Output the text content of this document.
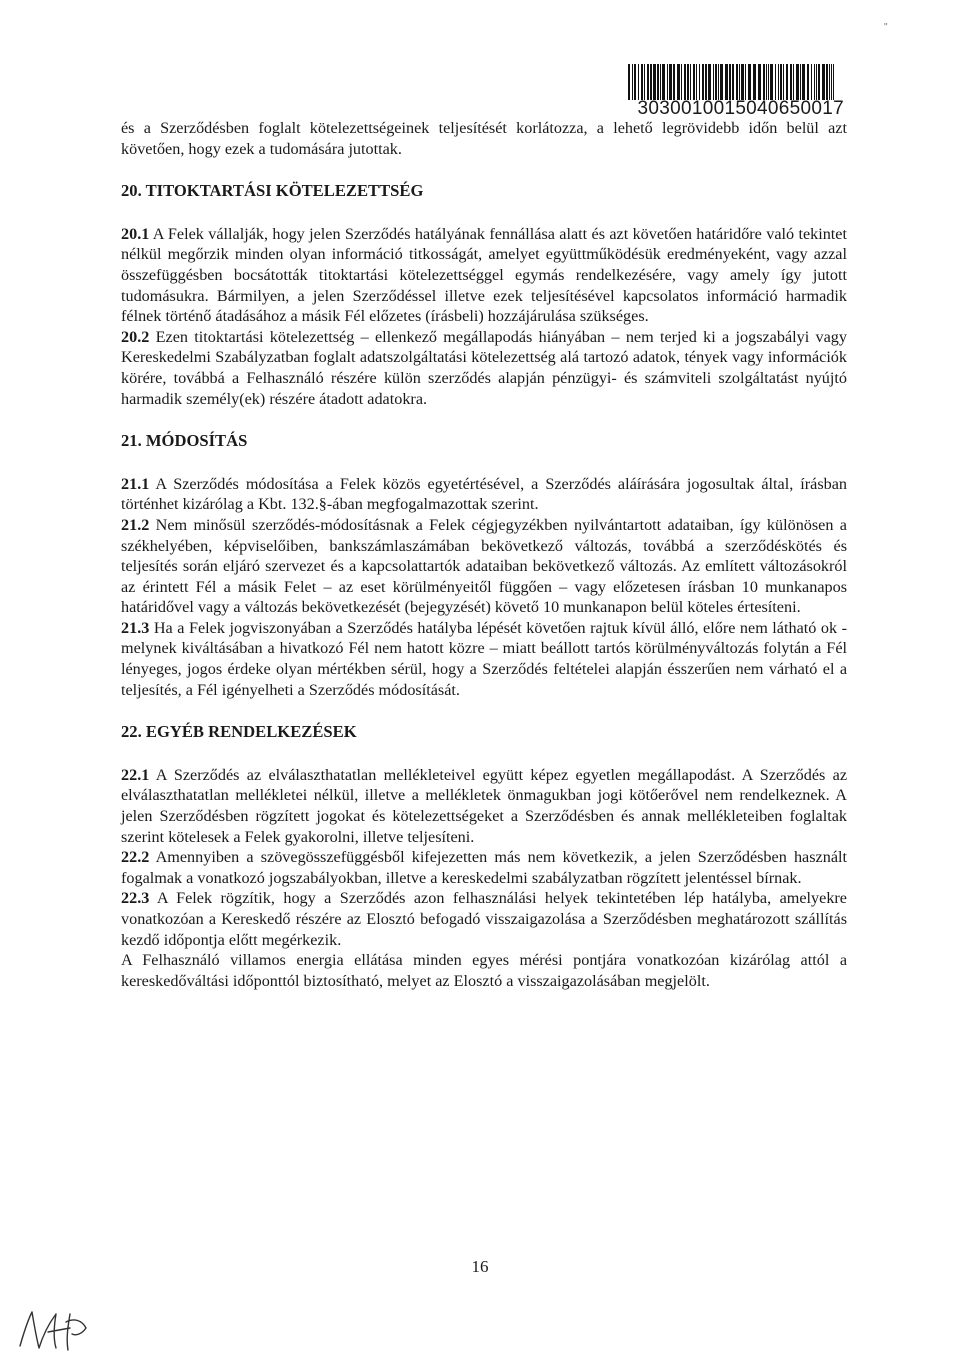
"
3030010015040650017

és a Szerződésben foglalt kötelezettségeinek teljesítését korlátozza, a lehető legrövidebb időn belül azt követően, hogy ezek a tudomására jutottak.

20. TITOKTARTÁSI KÖTELEZETTSÉG

20.1 A Felek vállalják, hogy jelen Szerződés hatályának fennállása alatt és azt követően határidőre való tekintet nélkül megőrzik minden olyan információ titkosságát, amelyet együttműködésük eredményeként, vagy azzal összefüggésben bocsátották titoktartási kötelezettséggel egymás rendelkezésére, vagy amely így jutott tudomásukra. Bármilyen, a jelen Szerződéssel illetve ezek teljesítésével kapcsolatos információ harmadik félnek történő átadásához a másik Fél előzetes (írásbeli) hozzájárulása szükséges.

20.2 Ezen titoktartási kötelezettség – ellenkező megállapodás hiányában – nem terjed ki a jogszabályi vagy Kereskedelmi Szabályzatban foglalt adatszolgáltatási kötelezettség alá tartozó adatok, tények vagy információk körére, továbbá a Felhasználó részére külön szerződés alapján pénzügyi- és számviteli szolgáltatást nyújtó harmadik személy(ek) részére átadott adatokra.

21. MÓDOSÍTÁS

21.1 A Szerződés módosítása a Felek közös egyetértésével, a Szerződés aláírására jogosultak által, írásban történhet kizárólag a Kbt. 132.§-ában megfogalmazottak szerint.

21.2 Nem minősül szerződés-módosításnak a Felek cégjegyzékben nyilvántartott adataiban, így különösen a székhelyében, képviselőiben, bankszámlaszámában bekövetkező változás, továbbá a szerződéskötés és teljesítés során eljáró szervezet és a kapcsolattartók adataiban bekövetkező változás. Az említett változásokról az érintett Fél a másik Felet – az eset körülményeitől függően – vagy előzetesen írásban 10 munkanapos határidővel vagy a változás bekövetkezését (bejegyzését) követő 10 munkanapon belül köteles értesíteni.

21.3 Ha a Felek jogviszonyában a Szerződés hatályba lépését követően rajtuk kívül álló, előre nem látható ok - melynek kiváltásában a hivatkozó Fél nem hatott közre – miatt beállott tartós körülményváltozás folytán a Fél lényeges, jogos érdeke olyan mértékben sérül, hogy a Szerződés feltételei alapján ésszerűen nem várható el a teljesítés, a Fél igényelheti a Szerződés módosítását.

22. EGYÉB RENDELKEZÉSEK

22.1 A Szerződés az elválaszthatatlan mellékleteivel együtt képez egyetlen megállapodást. A Szerződés az elválaszthatatlan mellékletei nélkül, illetve a mellékletek önmagukban jogi kötőerővel nem rendelkeznek. A jelen Szerződésben rögzített jogokat és kötelezettségeket a Szerződésben és annak mellékleteiben foglaltak szerint kötelesek a Felek gyakorolni, illetve teljesíteni.

22.2 Amennyiben a szövegösszefüggésből kifejezetten más nem következik, a jelen Szerződésben használt fogalmak a vonatkozó jogszabályokban, illetve a kereskedelmi szabályzatban rögzített jelentéssel bírnak.

22.3 A Felek rögzítik, hogy a Szerződés azon felhasználási helyek tekintetében lép hatályba, amelyekre vonatkozóan a Kereskedő részére az Elosztó befogadó visszaigazolása a Szerződésben meghatározott szállítás kezdő időpontja előtt megérkezik.

A Felhasználó villamos energia ellátása minden egyes mérési pontjára vonatkozóan kizárólag attól a kereskedőváltási időponttól biztosítható, melyet az Elosztó a visszaigazolásában megjelölt.

16
